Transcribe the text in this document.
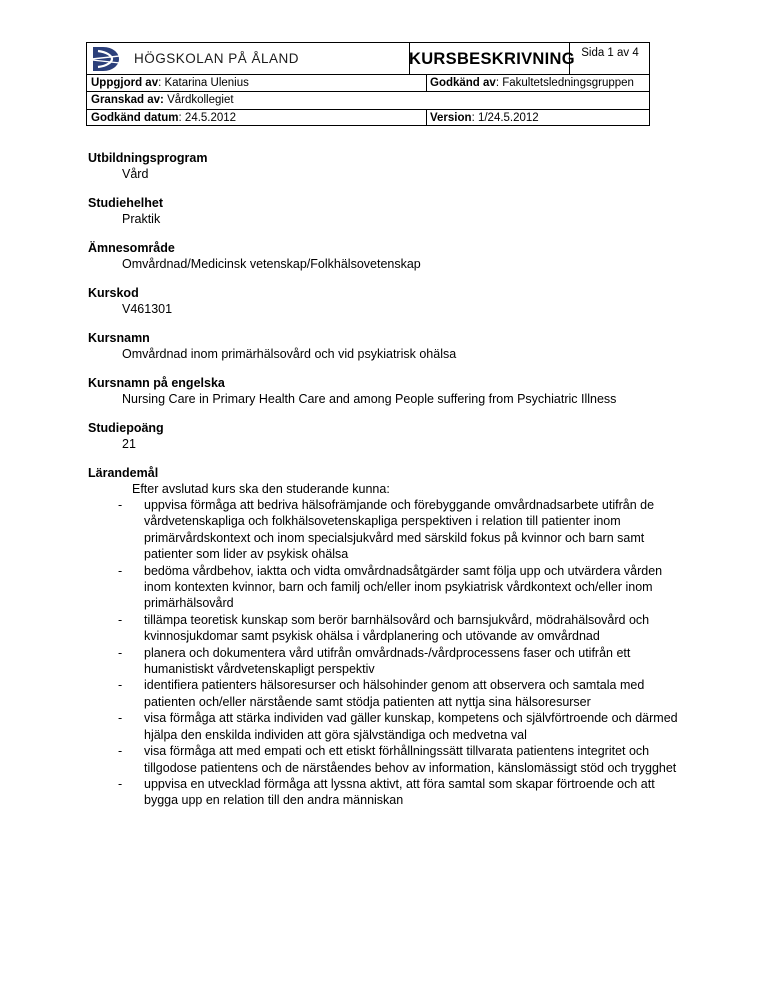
HÖGSKOLAN PÅ ÅLAND	KURSBESKRIVNING Sida 1 av 4
Uppgjord av: Katarina Ulenius	Godkänd av: Fakultetsledningsgruppen
Granskad av: Vårdkollegiet
Godkänd datum: 24.5.2012	Version: 1/24.5.2012
Utbildningsprogram
Vård
Studiehelhet
Praktik
Ämnesområde
Omvårdnad/Medicinsk vetenskap/Folkhälsovetenskap
Kurskod
V461301
Kursnamn
Omvårdnad inom primärhälsovård och vid psykiatrisk ohälsa
Kursnamn på engelska
Nursing Care in Primary Health Care and among People suffering from Psychiatric Illness
Studiepoäng
21
Lärandemål
Efter avslutad kurs ska den studerande kunna:
- uppvisa förmåga att bedriva hälsofrämjande och förebyggande omvårdnadsarbete utifrån de vårdvetenskapliga och folkhälsovetenskapliga perspektiven i relation till patienter inom primärvårdskontext och inom specialsjukvård med särskild fokus på kvinnor och barn samt patienter som lider av psykisk ohälsa
- bedöma vårdbehov, iaktta och vidta omvårdnadsåtgärder samt följa upp och utvärdera vården inom kontexten kvinnor, barn och familj och/eller inom psykiatrisk vårdkontext och/eller inom primärhälsovård
- tillämpa teoretisk kunskap som berör barnhälsovård och barnsjukvård, mödrahälsovård och kvinnosjukdomar samt psykisk ohälsa i vårdplanering och utövande av omvårdnad
- planera och dokumentera vård utifrån omvårdnads-/vårdprocessens faser och utifrån ett humanistiskt vårdvetenskapligt perspektiv
- identifiera patienters hälsoresurser och hälsohinder genom att observera och samtala med patienten och/eller närstående samt stödja patienten att nyttja sina hälsoresurser
- visa förmåga att stärka individen vad gäller kunskap, kompetens och självförtroende och därmed hjälpa den enskilda individen att göra självständiga och medvetna val
- visa förmåga att med empati och ett etiskt förhållningssätt tillvarata patientens integritet och tillgodose patientens och de närståendes behov av information, känslomässigt stöd och trygghet
- uppvisa en utvecklad förmåga att lyssna aktivt, att föra samtal som skapar förtroende och att bygga upp en relation till den andra människan
